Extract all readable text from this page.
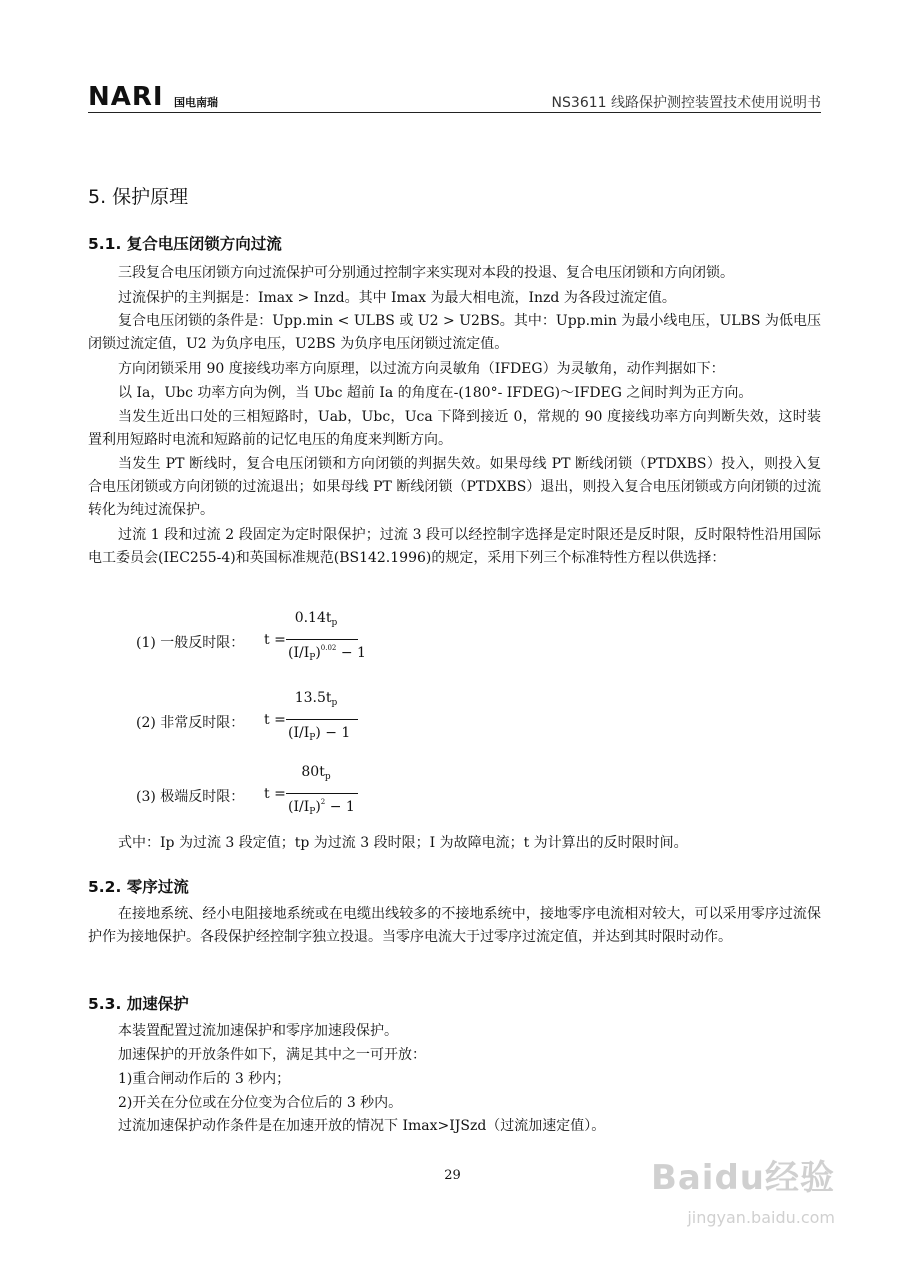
NARI 国电南瑞	NS3611 线路保护测控装置技术使用说明书
5. 保护原理
5.1. 复合电压闭锁方向过流
三段复合电压闭锁方向过流保护可分别通过控制字来实现对本段的投退、复合电压闭锁和方向闭锁。
过流保护的主判据是：Imax > Inzd。其中 Imax 为最大相电流，Inzd 为各段过流定值。
复合电压闭锁的条件是：Upp.min < ULBS 或 U2 > U2BS。其中：Upp.min 为最小线电压，ULBS 为低电压闭锁过流定值，U2 为负序电压，U2BS 为负序电压闭锁过流定值。
方向闭锁采用 90 度接线功率方向原理，以过流方向灵敏角（IFDEG）为灵敏角，动作判据如下：
以 Ia，Ubc 功率方向为例，当 Ubc 超前 Ia 的角度在-(180°- IFDEG)～IFDEG 之间时判为正方向。
当发生近出口处的三相短路时，Uab，Ubc，Uca 下降到接近 0，常规的 90 度接线功率方向判断失效，这时装置利用短路时电流和短路前的记忆电压的角度来判断方向。
当发生 PT 断线时，复合电压闭锁和方向闭锁的判据失效。如果母线 PT 断线闭锁（PTDXBS）投入，则投入复合电压闭锁或方向闭锁的过流退出；如果母线 PT 断线闭锁（PTDXBS）退出，则投入复合电压闭锁或方向闭锁的过流转化为纯过流保护。
过流 1 段和过流 2 段固定为定时限保护；过流 3 段可以经控制字选择是定时限还是反时限，反时限特性沿用国际电工委员会(IEC255-4)和英国标准规范(BS142.1996)的规定，采用下列三个标准特性方程以供选择：
(1) 一般反时限： t =
$0.14t_p$
$(I/I_P)^{0.02} - 1$
(2) 非常反时限： t =
$13.5t_p$
$(I/I_P) - 1$
(3) 极端反时限： t =
$80t_p$
$(I/I_P)^2 - 1$
式中：Ip 为过流 3 段定值；tp 为过流 3 段时限；I 为故障电流；t 为计算出的反时限时间。
5.2. 零序过流
在接地系统、经小电阻接地系统或在电缆出线较多的不接地系统中，接地零序电流相对较大，可以采用零序过流保护作为接地保护。各段保护经控制字独立投退。当零序电流大于过零序过流定值，并达到其时限时动作。
5.3. 加速保护
本装置配置过流加速保护和零序加速段保护。
加速保护的开放条件如下，满足其中之一可开放：
1)重合闸动作后的 3 秒内；
2)开关在分位或在分位变为合位后的 3 秒内。
过流加速保护动作条件是在加速开放的情况下 Imax>IJSzd（过流加速定值）。
29	Baidu经验
jingyan.baidu.com
